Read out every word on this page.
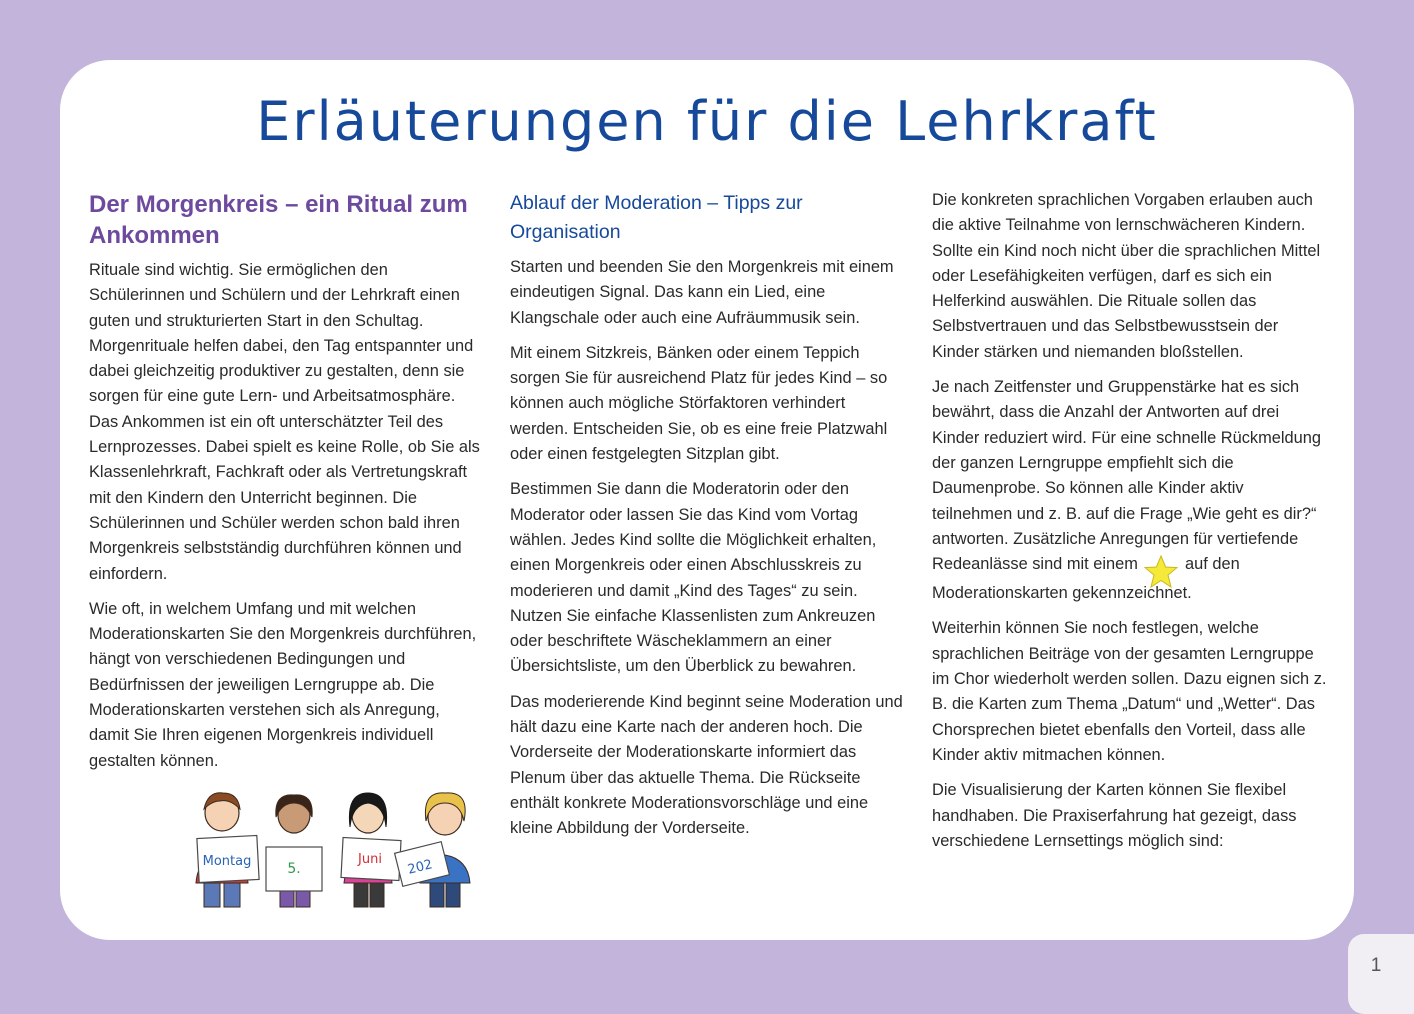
Erläuterungen für die Lehrkraft
Der Morgenkreis – ein Ritual zum Ankommen

Rituale sind wichtig. Sie ermöglichen den Schülerinnen und Schülern und der Lehrkraft einen guten und strukturierten Start in den Schultag. Morgenrituale helfen dabei, den Tag entspannter und dabei gleichzeitig produktiver zu gestalten, denn sie sorgen für eine gute Lern- und Arbeitsatmosphäre. Das Ankommen ist ein oft unterschätzter Teil des Lernprozesses. Dabei spielt es keine Rolle, ob Sie als Klassenlehrkraft, Fachkraft oder als Vertretungskraft mit den Kindern den Unterricht beginnen. Die Schülerinnen und Schüler werden schon bald ihren Morgenkreis selbstständig durchführen können und einfordern.

Wie oft, in welchem Umfang und mit welchen Moderationskarten Sie den Morgenkreis durchführen, hängt von verschiedenen Bedingungen und Bedürfnissen der jeweiligen Lerngruppe ab. Die Moderationskarten verstehen sich als Anregung, damit Sie Ihren eigenen Morgenkreis individuell gestalten können.

Montag	5.
Juni 202
Ablauf der Moderation – Tipps zur Organisation

Starten und beenden Sie den Morgenkreis mit einem eindeutigen Signal. Das kann ein Lied, eine Klangschale oder auch eine Aufräummusik sein.

Mit einem Sitzkreis, Bänken oder einem Teppich sorgen Sie für ausreichend Platz für jedes Kind – so können auch mögliche Störfaktoren verhindert werden. Entscheiden Sie, ob es eine freie Platzwahl oder einen festgelegten Sitzplan gibt.

Bestimmen Sie dann die Moderatorin oder den Moderator oder lassen Sie das Kind vom Vortag wählen. Jedes Kind sollte die Möglichkeit erhalten, einen Morgenkreis oder einen Abschlusskreis zu moderieren und damit „Kind des Tages“ zu sein. Nutzen Sie einfache Klassenlisten zum Ankreuzen oder beschriftete Wäscheklammern an einer Übersichtsliste, um den Überblick zu bewahren.

Das moderierende Kind beginnt seine Moderation und hält dazu eine Karte nach der anderen hoch. Die Vorderseite der Moderationskarte informiert das Plenum über das aktuelle Thema. Die Rückseite enthält konkrete Moderationsvorschläge und eine kleine Abbildung der Vorderseite.

Die konkreten sprachlichen Vorgaben erlauben auch die aktive Teilnahme von lernschwächeren Kindern. Sollte ein Kind noch nicht über die sprachlichen Mittel oder Lesefähigkeiten verfügen, darf es sich ein Helferkind auswählen. Die Rituale sollen das Selbstvertrauen und das Selbstbewusstsein der Kinder stärken und niemanden bloßstellen.

Je nach Zeitfenster und Gruppenstärke hat es sich bewährt, dass die Anzahl der Antworten auf drei Kinder reduziert wird. Für eine schnelle Rückmeldung der ganzen Lerngruppe empfiehlt sich die Daumenprobe. So können alle Kinder aktiv teilnehmen und z. B. auf die Frage „Wie geht es dir?“ antworten. Zusätzliche Anregungen für vertiefende Redeanlässe sind mit einem	auf den Moderationskarten gekennzeichnet.

Weiterhin können Sie noch festlegen, welche sprachlichen Beiträge von der gesamten Lerngruppe im Chor wiederholt werden sollen. Dazu eignen sich z. B. die Karten zum Thema „Datum“ und „Wetter“. Das Chorsprechen bietet ebenfalls den Vorteil, dass alle Kinder aktiv mitmachen können.

Die Visualisierung der Karten können Sie flexibel handhaben. Die Praxiserfahrung hat gezeigt, dass verschiedene Lernsettings möglich sind:

1
